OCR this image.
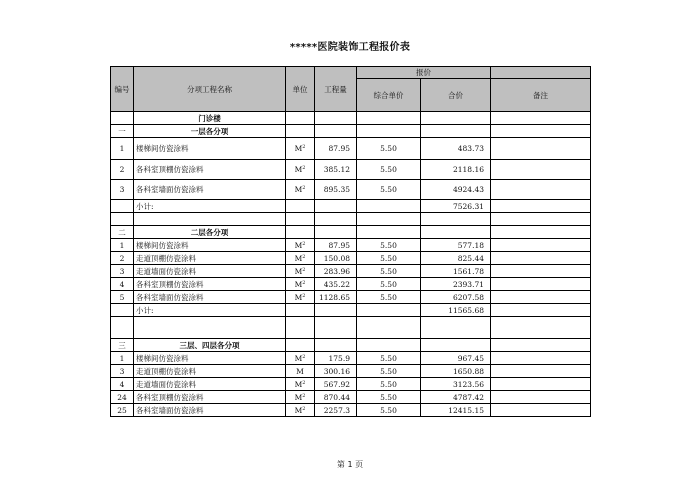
*****医院装饰工程报价表
编号	分项工程名称	单位	工程量	报价		
				综合单价	合价	备注
	门诊楼					
一	一层各分项					
1	楼梯间仿瓷涂料	$M^2$	87.95	5.50	483.73	
2	各科室顶棚仿瓷涂料	$M^2$	385.12	5.50	2118.16	
3	各科室墙面仿瓷涂料	$M^2$	895.35	5.50	4924.43	
	小计:				7526.31	

二	二层各分项					
1	楼梯间仿瓷涂料	$M^2$	87.95	5.50	577.18	
2	走道顶棚仿瓷涂料	$M^2$	150.08	5.50	825.44	
3	走道墙面仿瓷涂料	$M^2$	283.96	5.50	1561.78	
4	各科室顶棚仿瓷涂料	$M^2$	435.22	5.50	2393.71	
5	各科室墙面仿瓷涂料	$M^2$	1128.65	5.50	6207.58	
	小计:				11565.68	

三	三层、四层各分项					
1	楼梯间仿瓷涂料	$M^2$	175.9	5.50	967.45	
3	走道顶棚仿瓷涂料	M	300.16	5.50	1650.88	
4	走道墙面仿瓷涂料	$M^2$	567.92	5.50	3123.56	
24	各科室顶棚仿瓷涂料	$M^2$	870.44	5.50	4787.42	
25	各科室墙面仿瓷涂料	$M^2$	2257.3	5.50	12415.15	
第 1 页
